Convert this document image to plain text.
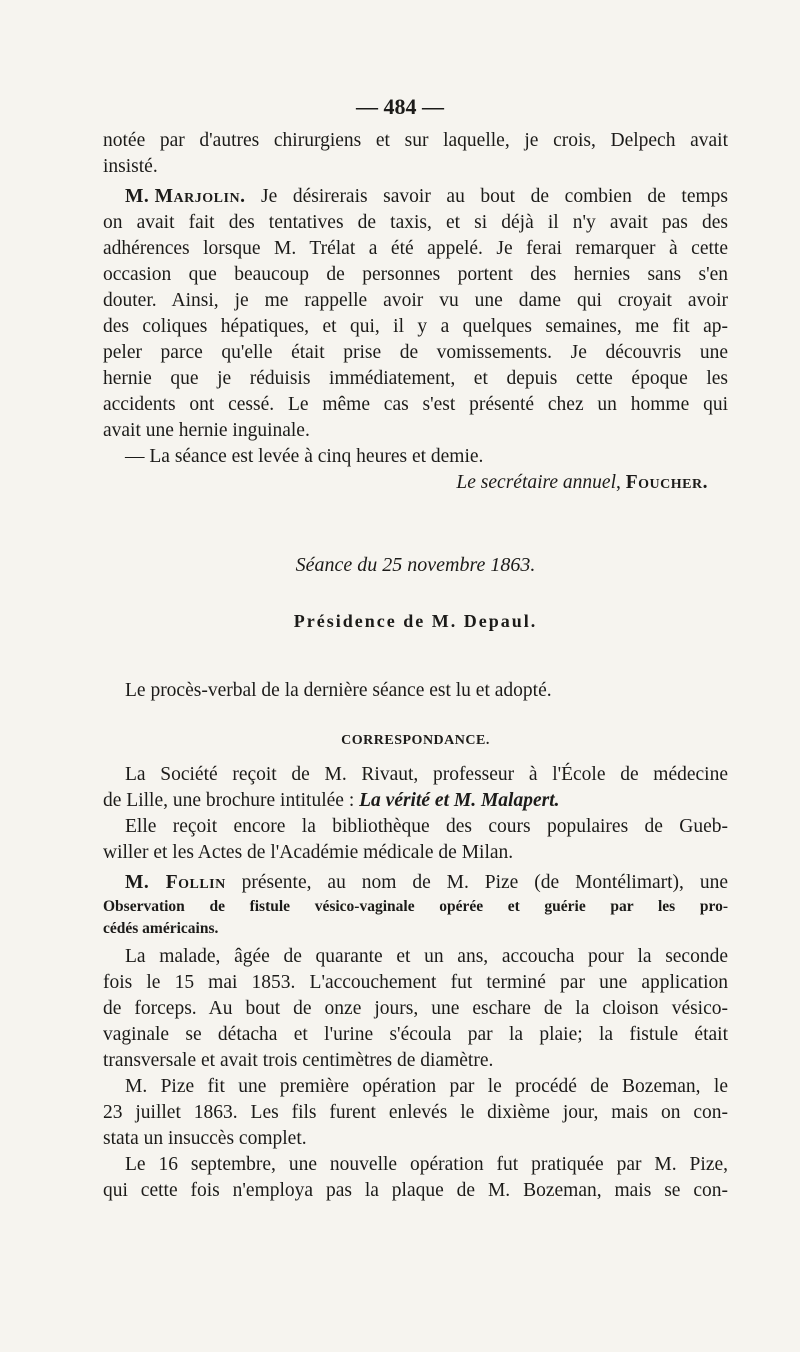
— 484 —

notée par d'autres chirurgiens et sur laquelle, je crois, Delpech avait

insisté.

M. Marjolin. Je désirerais savoir au bout de combien de temps

on avait fait des tentatives de taxis, et si déjà il n'y avait pas des

adhérences lorsque M. Trélat a été appelé. Je ferai remarquer à cette

occasion que beaucoup de personnes portent des hernies sans s'en

douter. Ainsi, je me rappelle avoir vu une dame qui croyait avoir

des coliques hépatiques, et qui, il y a quelques semaines, me fit ap-

peler parce qu'elle était prise de vomissements. Je découvris une

hernie que je réduisis immédiatement, et depuis cette époque les

accidents ont cessé. Le même cas s'est présenté chez un homme qui

avait une hernie inguinale.

— La séance est levée à cinq heures et demie.

Le secrétaire annuel, Foucher.

Séance du 25 novembre 1863.

Présidence de M. Depaul.

Le procès-verbal de la dernière séance est lu et adopté.

CORRESPONDANCE.

La Société reçoit de M. Rivaut, professeur à l'École de médecine

de Lille, une brochure intitulée : La vérité et M. Malapert.

Elle reçoit encore la bibliothèque des cours populaires de Gueb-

willer et les Actes de l'Académie médicale de Milan.

M. Follin présente, au nom de M. Pize (de Montélimart), une

Observation de fistule vésico-vaginale opérée et guérie par les pro-

cédés américains.

La malade, âgée de quarante et un ans, accoucha pour la seconde

fois le 15 mai 1853. L'accouchement fut terminé par une application

de forceps. Au bout de onze jours, une eschare de la cloison vésico-

vaginale se détacha et l'urine s'écoula par la plaie; la fistule était

transversale et avait trois centimètres de diamètre.

M. Pize fit une première opération par le procédé de Bozeman, le

23 juillet 1863. Les fils furent enlevés le dixième jour, mais on con-

stata un insuccès complet.

Le 16 septembre, une nouvelle opération fut pratiquée par M. Pize,

qui cette fois n'employa pas la plaque de M. Bozeman, mais se con-
